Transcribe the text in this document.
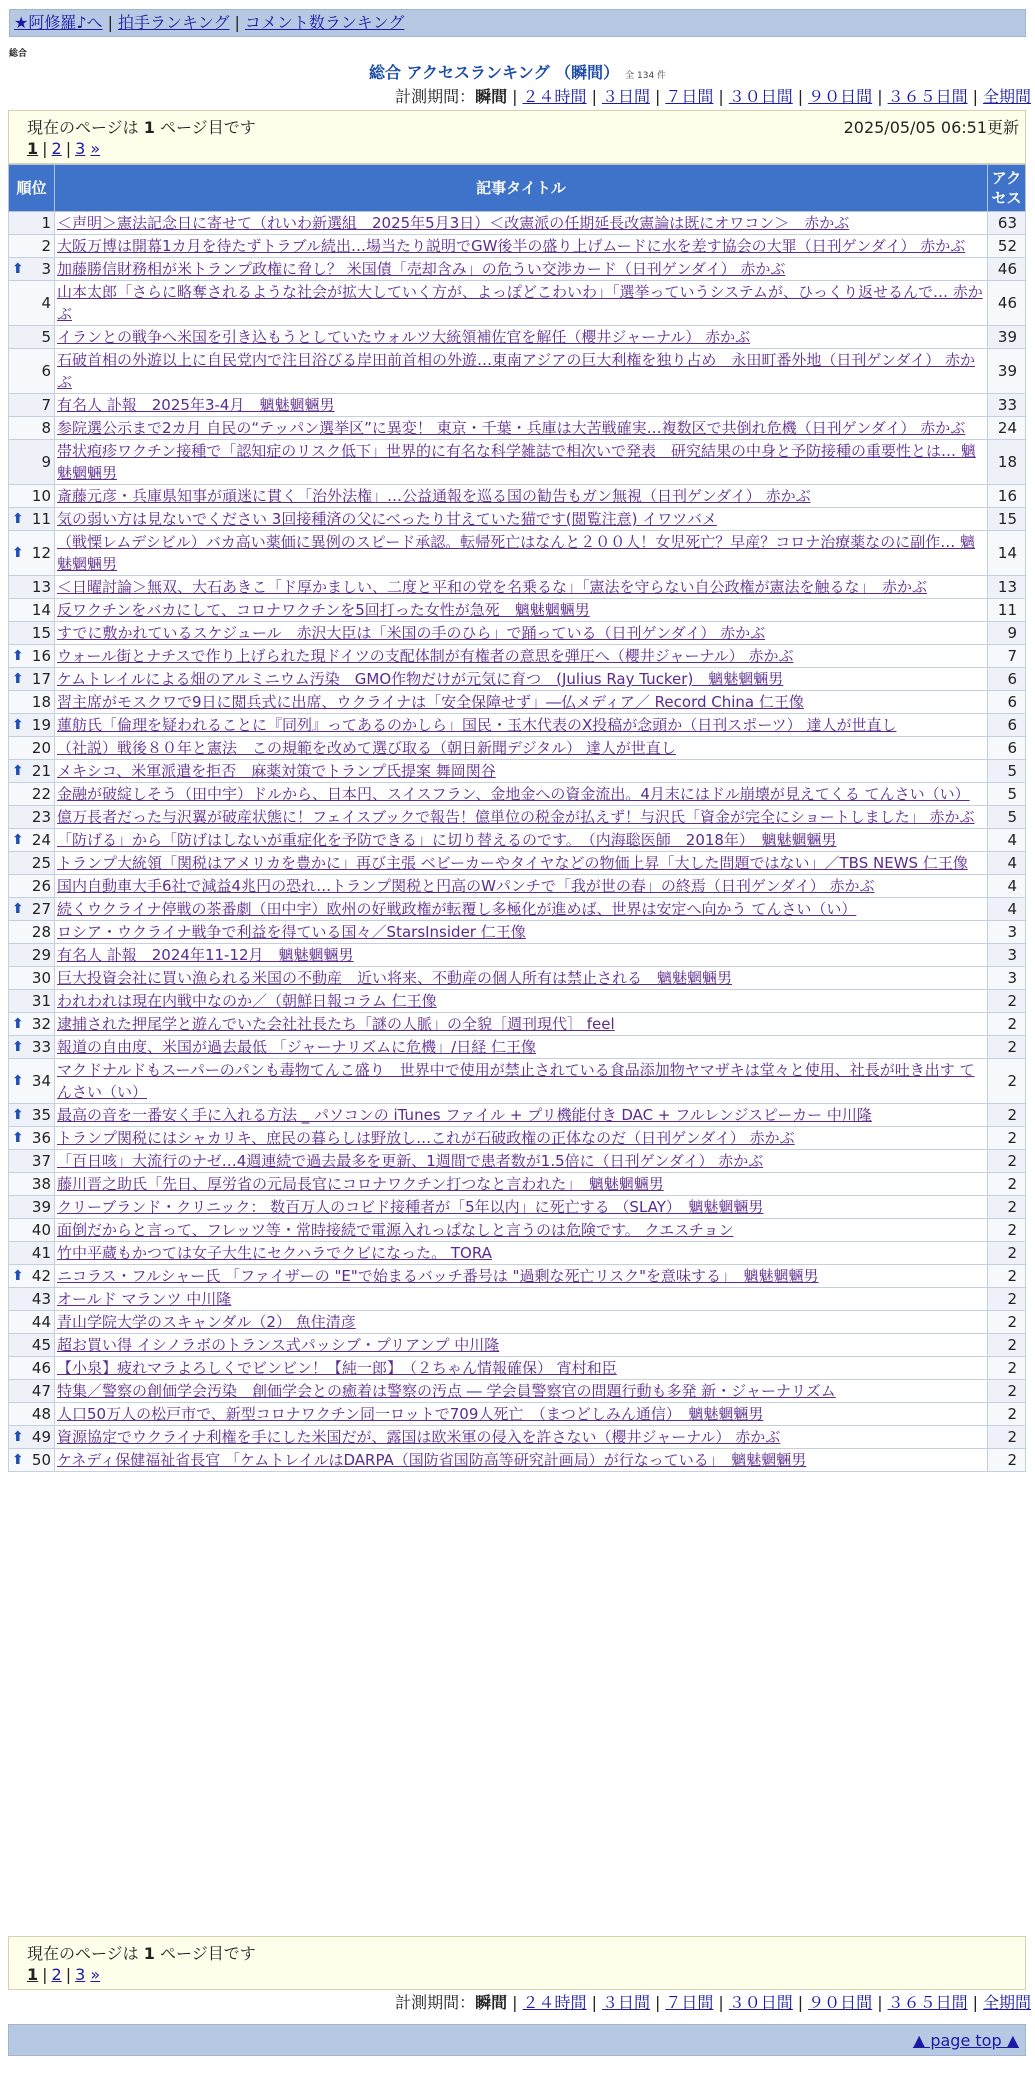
★阿修羅♪へ | 拍手ランキング | コメント数ランキング
総合
総合 アクセスランキング （瞬間） 全 134 件
計測期間：瞬間 | ２４時間 | ３日間 | ７日間 | ３０日間 | ９０日間 | ３６５日間 | 全期間
現在のページは 1 ページ目です	2025/05/05 06:51更新
1 | 2 | 3 »
順位	記事タイトル	アクセス
1	＜声明＞憲法記念日に寄せて（れいわ新選組　2025年5月3日）＜改憲派の任期延長改憲論は既にオワコン＞　赤かぶ	63
2	大阪万博は開幕1カ月を待たずトラブル続出…場当たり説明でGW後半の盛り上げムードに水を差す協会の大罪（日刊ゲンダイ） 赤かぶ	52

⬆ 3	加藤勝信財務相が米トランプ政権に脅し？ 米国債「売却含み」の危うい交渉カード（日刊ゲンダイ） 赤かぶ	46
4	山本太郎「さらに略奪されるような社会が拡大していく方が、よっぽどこわいわ」「選挙っていうシステムが、ひっくり返せるんで… 赤かぶ	46
5	イランとの戦争へ米国を引き込もうとしていたウォルツ大統領補佐官を解任（櫻井ジャーナル） 赤かぶ	39
6	石破首相の外遊以上に自民党内で注目浴びる岸田前首相の外遊…東南アジアの巨大利権を独り占め　永田町番外地（日刊ゲンダイ） 赤かぶ	39
7	有名人 訃報　2025年3-4月　魑魅魍魎男	33
8	参院選公示まで2カ月 自民の“テッパン選挙区”に異変！ 東京・千葉・兵庫は大苦戦確実…複数区で共倒れ危機（日刊ゲンダイ） 赤かぶ	24
9	帯状疱疹ワクチン接種で「認知症のリスク低下」世界的に有名な科学雑誌で相次いで発表　研究結果の中身と予防接種の重要性とは… 魑魅魍魎男	18
10	斎藤元彦・兵庫県知事が頑迷に貫く「治外法権」…公益通報を巡る国の勧告もガン無視（日刊ゲンダイ） 赤かぶ	16

⬆ 11	気の弱い方は見ないでください 3回接種済の父にべったり甘えていた猫です(閲覧注意) イワツバメ	15

⬆ 12	（戦慄レムデシビル）バカ高い薬価に異例のスピード承認。転帰死亡はなんと２００人！女児死亡？早産？コロナ治療薬なのに副作… 魑魅魍魎男	14
13	＜日曜討論＞無双、大石あきこ「ド厚かましい、二度と平和の党を名乗るな」「憲法を守らない自公政権が憲法を触るな」　赤かぶ	13
14	反ワクチンをバカにして、コロナワクチンを5回打った女性が急死　魑魅魍魎男	11
15	すでに敷かれているスケジュール　赤沢大臣は「米国の手のひら」で踊っている（日刊ゲンダイ） 赤かぶ	9

⬆ 16	ウォール街とナチスで作り上げられた現ドイツの支配体制が有権者の意思を弾圧へ（櫻井ジャーナル） 赤かぶ	7

⬆ 17	ケムトレイルによる畑のアルミニウム汚染　GMO作物だけが元気に育つ　(Julius Ray Tucker)　魑魅魍魎男	6
18	習主席がモスクワで9日に閲兵式に出席、ウクライナは「安全保障せず」―仏メディア／ Record China 仁王像	6

⬆ 19	蓮舫氏「倫理を疑われることに『同列』ってあるのかしら」国民・玉木代表のX投稿が念頭か（日刊スポーツ） 達人が世直し	6
20	（社説）戦後８０年と憲法　この規範を改めて選び取る（朝日新聞デジタル） 達人が世直し	6

⬆ 21	メキシコ、米軍派遣を拒否　麻薬対策でトランプ氏提案 舞岡関谷	5
22	金融が破綻しそう（田中宇）ドルから、日本円、スイスフラン、金地金への資金流出。4月末にはドル崩壊が見えてくる てんさい（い）	5
23	億万長者だった与沢翼が破産状態に！フェイスブックで報告！億単位の税金が払えず！与沢氏「資金が完全にショートしました」 赤かぶ	5

⬆ 24	「防げる」から「防げはしないが重症化を予防できる」に切り替えるのです。　（内海聡医師　2018年）　魑魅魍魎男	4
25	トランプ大統領「関税はアメリカを豊かに」再び主張 ベビーカーやタイヤなどの物価上昇「大した問題ではない」／TBS NEWS 仁王像	4
26	国内自動車大手6社で減益4兆円の恐れ…トランプ関税と円高のWパンチで「我が世の春」の終焉（日刊ゲンダイ） 赤かぶ	4

⬆ 27	続くウクライナ停戦の茶番劇（田中宇）欧州の好戦政権が転覆し多極化が進めば、世界は安定へ向かう てんさい（い）	4
28	ロシア・ウクライナ戦争で利益を得ている国々／StarsInsider 仁王像	3
29	有名人 訃報　2024年11-12月　魑魅魍魎男	3
30	巨大投資会社に買い漁られる米国の不動産　近い将来、不動産の個人所有は禁止される　魑魅魍魎男	3
31	われわれは現在内戦中なのか／（朝鮮日報コラム 仁王像	2

⬆ 32	逮捕された押尾学と遊んでいた会社社長たち「謎の人脈」の全貌［週刊現代］ feel	2

⬆ 33	報道の自由度、米国が過去最低 「ジャーナリズムに危機」/日経 仁王像	2

⬆ 34	マクドナルドもスーパーのパンも毒物てんこ盛り　世界中で使用が禁止されている食品添加物ヤマザキは堂々と使用、社長が吐き出す てんさい（い）	2

⬆ 35	最高の音を一番安く手に入れる方法 _ パソコンの iTunes ファイル + プリ機能付き DAC + フルレンジスピーカー 中川隆	2

⬆ 36	トランプ関税にはシャカリキ、庶民の暮らしは野放し…これが石破政権の正体なのだ（日刊ゲンダイ） 赤かぶ	2
37	「百日咳」大流行のナゼ…4週連続で過去最多を更新、1週間で患者数が1.5倍に（日刊ゲンダイ） 赤かぶ	2
38	藤川晋之助氏「先日、厚労省の元局長官にコロナワクチン打つなと言われた」　魑魅魍魎男	2
39	クリーブランド・クリニック： 数百万人のコビド接種者が「5年以内」に死亡する （SLAY）　魑魅魍魎男	2
40	面倒だからと言って、フレッツ等・常時接続で電源入れっぱなしと言うのは危険です。 クエスチョン	2
41	竹中平蔵もかつては女子大生にセクハラでクビになった。 TORA	2

⬆ 42	ニコラス・フルシャー氏 「ファイザーの "E"で始まるバッチ番号は "過剰な死亡リスク"を意味する」　魑魅魍魎男	2
43	オールド マランツ 中川隆	2
44	青山学院大学のスキャンダル（2） 魚住清彦	2
45	超お買い得 イシノラボのトランス式パッシブ・プリアンプ 中川隆	2
46	【小泉】疲れマラよろしくでビンビン！【純一郎】　（２ちゃん情報確保） 宵村和臣	2
47	特集／警察の創価学会汚染　創価学会との癒着は警察の汚点 ― 学会員警察官の問題行動も多発 新・ジャーナリズム	2
48	人口50万人の松戸市で、新型コロナワクチン同一ロットで709人死亡　（まつどしみん通信）　魑魅魍魎男	2

⬆ 49	資源協定でウクライナ利権を手にした米国だが、露国は欧米軍の侵入を許さない（櫻井ジャーナル） 赤かぶ	2

⬆ 50	ケネディ保健福祉省長官 「ケムトレイルはDARPA（国防省国防高等研究計画局）が行なっている」　魑魅魍魎男	2
現在のページは 1 ページ目です
1 | 2 | 3 »
計測期間：瞬間 | ２４時間 | ３日間 | ７日間 | ３０日間 | ９０日間 | ３６５日間 | 全期間
▲ page top ▲
